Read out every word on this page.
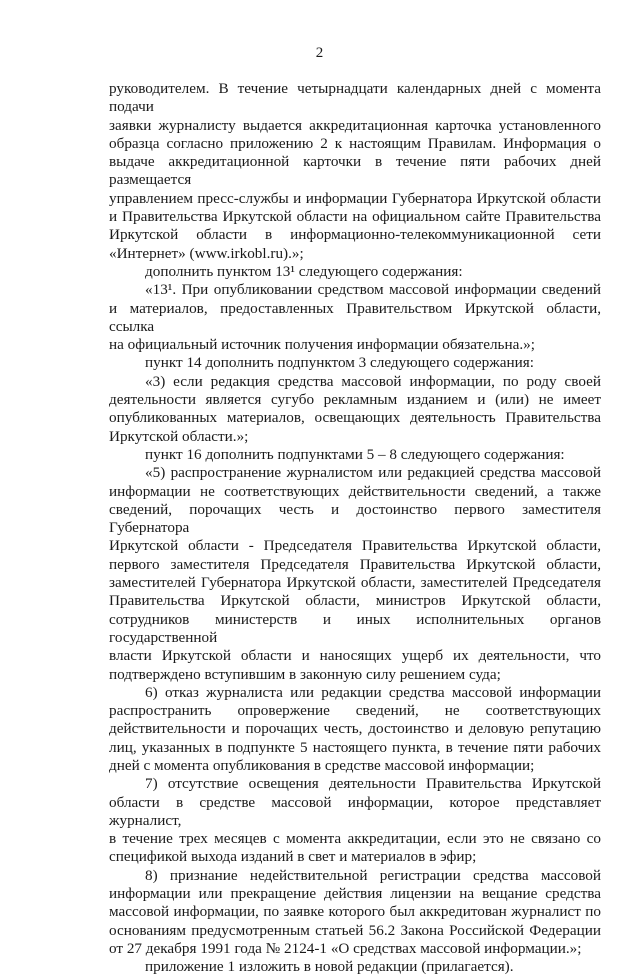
2
руководителем. В течение четырнадцати календарных дней с момента подачи
заявки журналисту выдается аккредитационная карточка установленного
образца согласно приложению 2 к настоящим Правилам. Информация о
выдаче аккредитационной карточки в течение пяти рабочих дней размещается
управлением пресс-службы и информации Губернатора Иркутской области
и Правительства Иркутской области на официальном сайте Правительства
Иркутской области в информационно-телекоммуникационной сети
«Интернет» (www.irkobl.ru).»;
дополнить пунктом 13¹ следующего содержания:
«13¹. При опубликовании средством массовой информации сведений
и материалов, предоставленных Правительством Иркутской области, ссылка
на официальный источник получения информации обязательна.»;
пункт 14 дополнить подпунктом 3 следующего содержания:
«3) если редакция средства массовой информации, по роду своей
деятельности является сугубо рекламным изданием и (или) не имеет
опубликованных материалов, освещающих деятельность Правительства
Иркутской области.»;
пункт 16 дополнить подпунктами 5 – 8 следующего содержания:
«5) распространение журналистом или редакцией средства массовой
информации не соответствующих действительности сведений, а также
сведений, порочащих честь и достоинство первого заместителя Губернатора
Иркутской области - Председателя Правительства Иркутской области,
первого заместителя Председателя Правительства Иркутской области,
заместителей Губернатора Иркутской области, заместителей Председателя
Правительства Иркутской области, министров Иркутской области,
сотрудников министерств и иных исполнительных органов государственной
власти Иркутской области и наносящих ущерб их деятельности, что
подтверждено вступившим в законную силу решением суда;
6) отказ журналиста или редакции средства массовой информации
распространить опровержение сведений, не соответствующих
действительности и порочащих честь, достоинство и деловую репутацию
лиц, указанных в подпункте 5 настоящего пункта, в течение пяти рабочих
дней с момента опубликования в средстве массовой информации;
7) отсутствие освещения деятельности Правительства Иркутской
области в средстве массовой информации, которое представляет журналист,
в течение трех месяцев с момента аккредитации, если это не связано со
спецификой выхода изданий в свет и материалов в эфир;
8) признание недействительной регистрации средства массовой
информации или прекращение действия лицензии на вещание средства
массовой информации, по заявке которого был аккредитован журналист по
основаниям предусмотренным статьей 56.2 Закона Российской Федерации
от 27 декабря 1991 года № 2124-1 «О средствах массовой информации.»;
приложение 1 изложить в новой редакции (прилагается).
